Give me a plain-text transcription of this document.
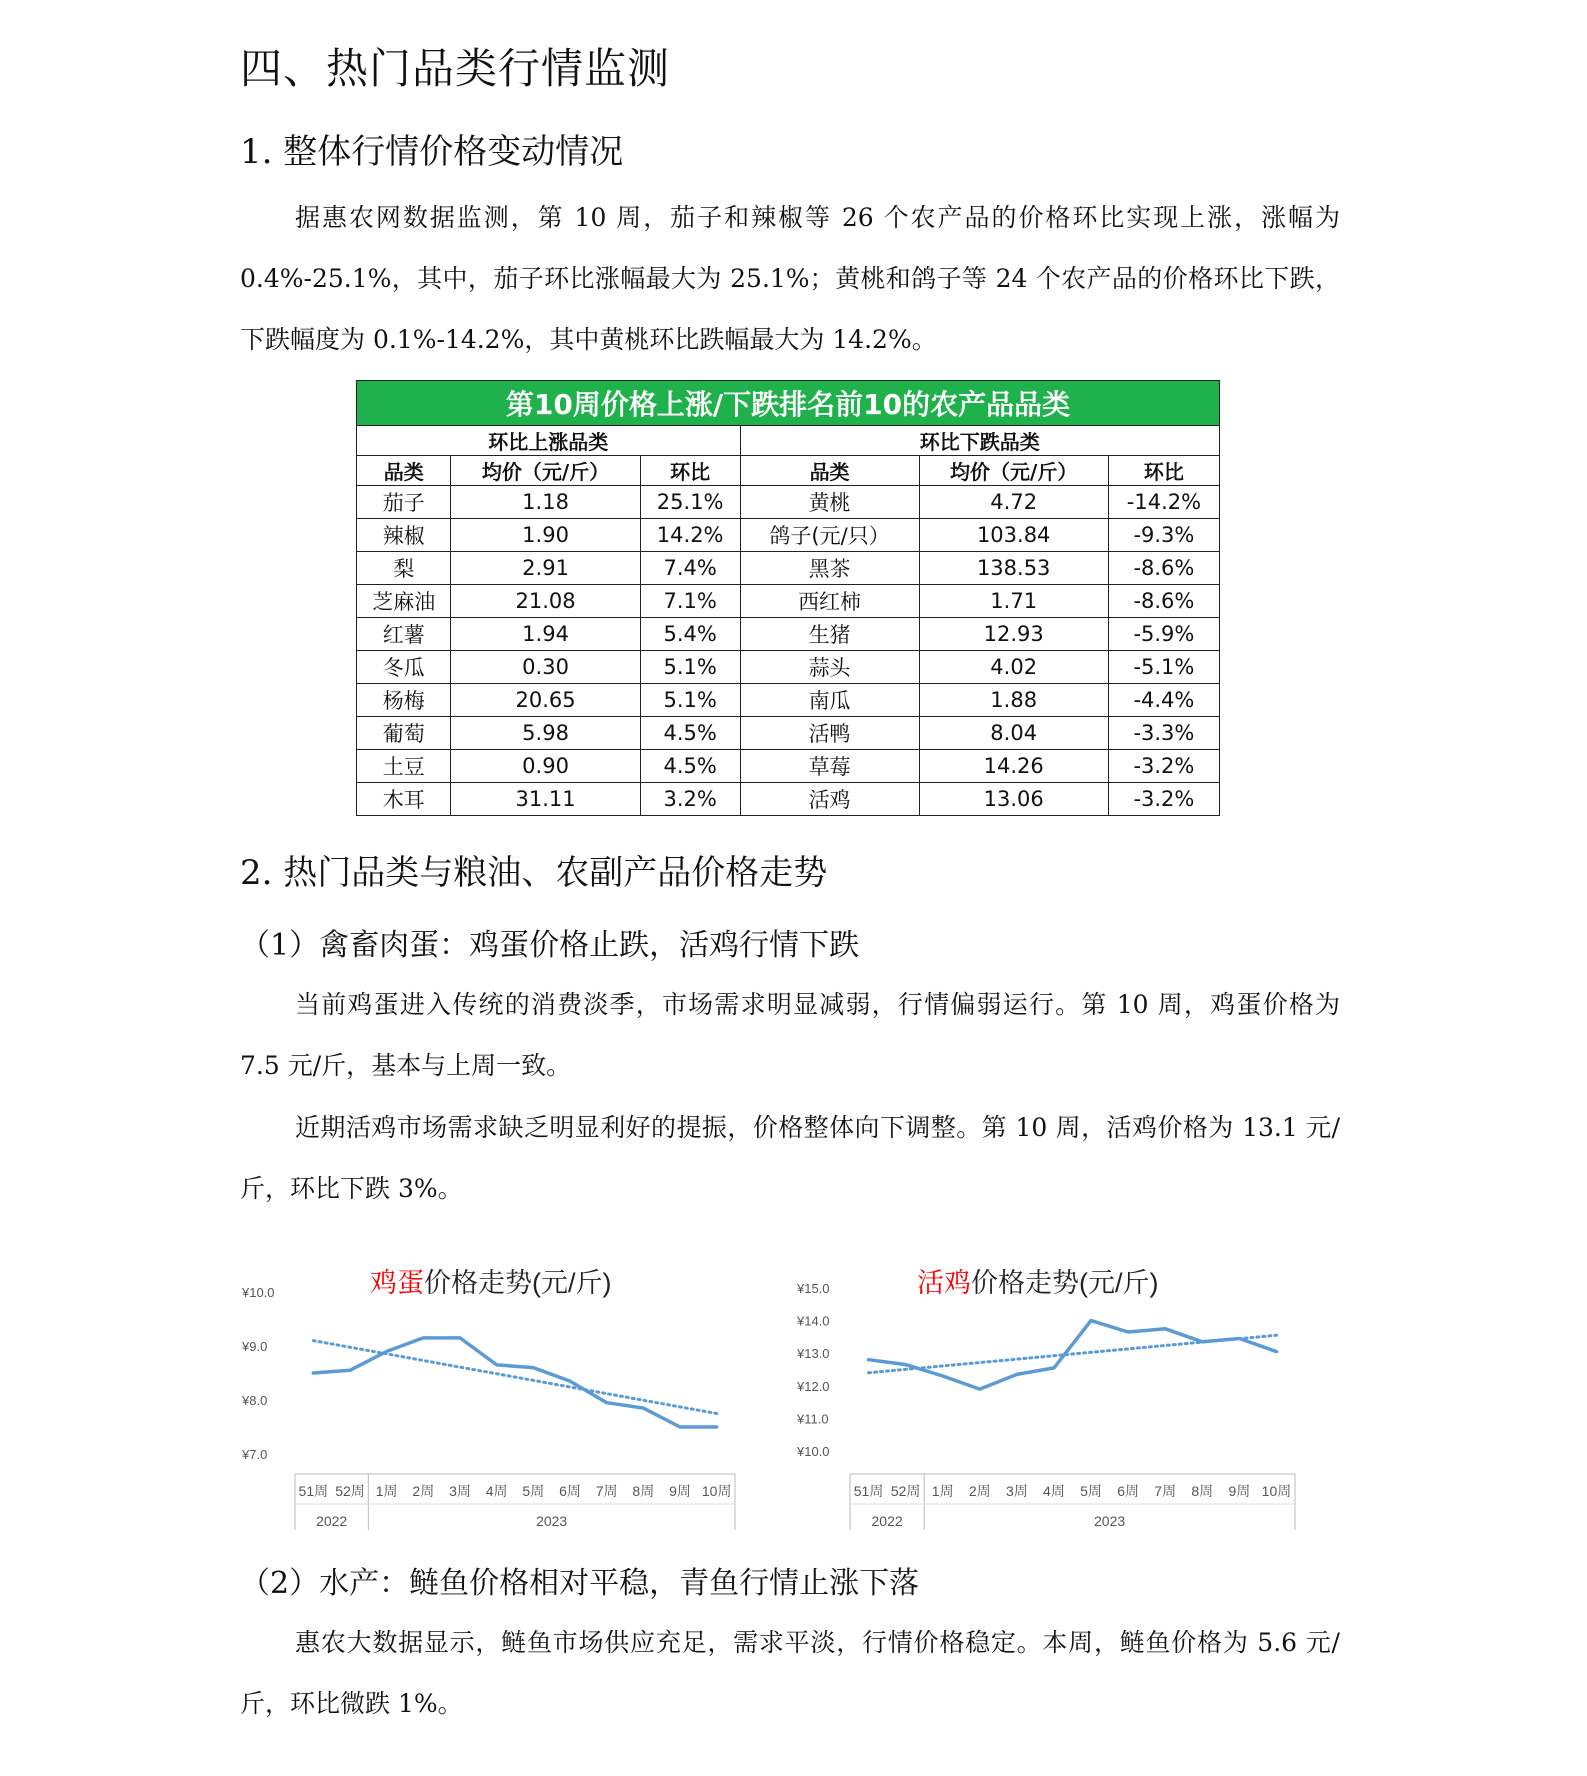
四、热门品类行情监测
1. 整体行情价格变动情况

据惠农网数据监测，第 10 周，茄子和辣椒等 26 个农产品的价格环比实现上涨，涨幅为 0.4%-25.1%，其中，茄子环比涨幅最大为 25.1%；黄桃和鸽子等 24 个农产品的价格环比下跌，下跌幅度为 0.1%-14.2%，其中黄桃环比跌幅最大为 14.2%。

第10周价格上涨/下跌排名前10的农产品品类					
环比上涨品类			环比下跌品类		
品类	均价（元/斤）	环比	品类	均价（元/斤）	环比
茄子	1.18	25.1%	黄桃	4.72	-14.2%
辣椒	1.90	14.2%	鸽子(元/只）	103.84	-9.3%
梨	2.91	7.4%	黑茶	138.53	-8.6%
芝麻油	21.08	7.1%	西红柿	1.71	-8.6%
红薯	1.94	5.4%	生猪	12.93	-5.9%
冬瓜	0.30	5.1%	蒜头	4.02	-5.1%
杨梅	20.65	5.1%	南瓜	1.88	-4.4%
葡萄	5.98	4.5%	活鸭	8.04	-3.3%
土豆	0.90	4.5%	草莓	14.26	-3.2%
木耳	31.11	3.2%	活鸡	13.06	-3.2%
2. 热门品类与粮油、农副产品价格走势
（1）禽畜肉蛋：鸡蛋价格止跌，活鸡行情下跌

当前鸡蛋进入传统的消费淡季，市场需求明显减弱，行情偏弱运行。第 10 周，鸡蛋价格为 7.5 元/斤，基本与上周一致。

近期活鸡市场需求缺乏明显利好的提振，价格整体向下调整。第 10 周，活鸡价格为 13.1 元/斤，环比下跌 3%。

（2）水产：鲢鱼价格相对平稳，青鱼行情止涨下落

惠农大数据显示，鲢鱼市场供应充足，需求平淡，行情价格稳定。本周，鲢鱼价格为 5.6 元/斤，环比微跌 1%。

鸡蛋价格走势(元/斤)
¥10.0
¥9.0
¥8.0
¥7.0
51周 52周 1周 2周 3周 4周 5周 6周 7周 8周 9周 10周
2022	2023
活鸡价格走势(元/斤)
¥15.0
¥14.0
¥13.0
¥12.0
¥11.0
¥10.0
51周 52周 1周 2周 3周 4周 5周 6周 7周 8周 9周 10周
2022	2023
